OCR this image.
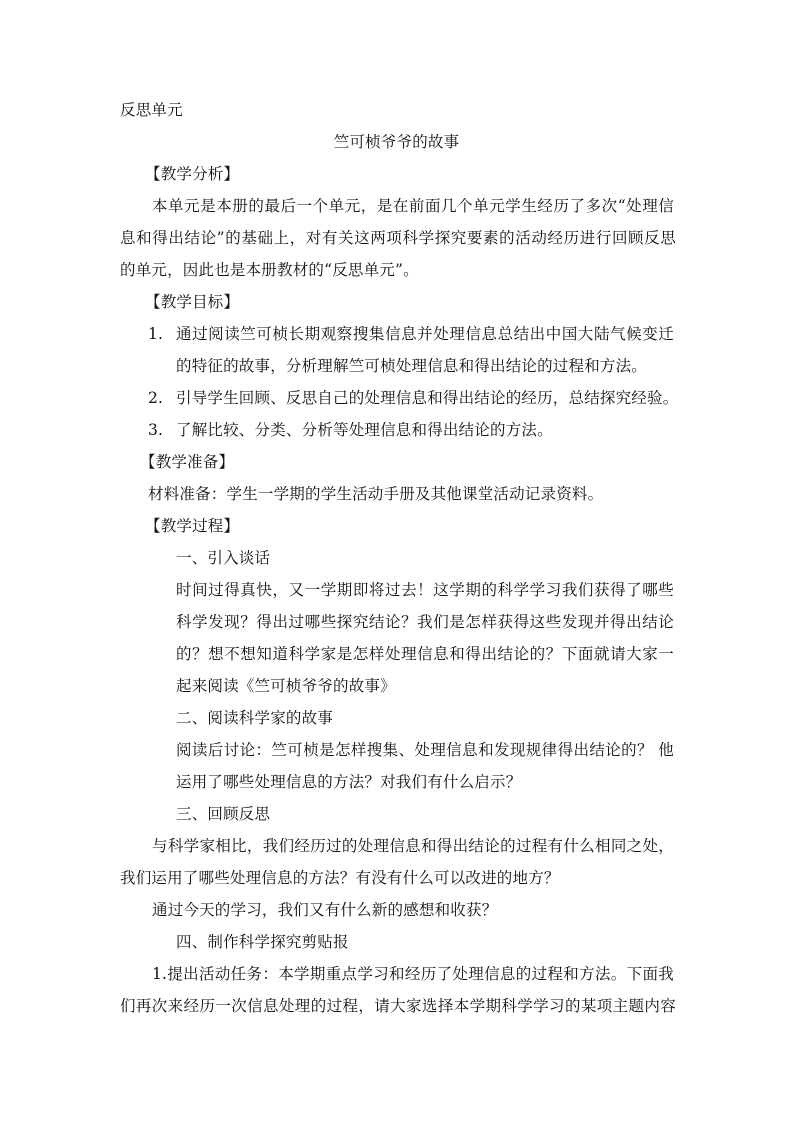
反思单元
竺可桢爷爷的故事
【教学分析】
本单元是本册的最后一个单元，是在前面几个单元学生经历了多次“处理信
息和得出结论”的基础上，对有关这两项科学探究要素的活动经历进行回顾反思
的单元，因此也是本册教材的“反思单元”。
【教学目标】
1. 通过阅读竺可桢长期观察搜集信息并处理信息总结出中国大陆气候变迁
的特征的故事，分析理解竺可桢处理信息和得出结论的过程和方法。
2. 引导学生回顾、反思自己的处理信息和得出结论的经历，总结探究经验。
3. 了解比较、分类、分析等处理信息和得出结论的方法。
【教学准备】
材料准备：学生一学期的学生活动手册及其他课堂活动记录资料。
【教学过程】
一、引入谈话
时间过得真快，又一学期即将过去！这学期的科学学习我们获得了哪些
科学发现？得出过哪些探究结论？我们是怎样获得这些发现并得出结论
的？想不想知道科学家是怎样处理信息和得出结论的？下面就请大家一
起来阅读《竺可桢爷爷的故事》
二、阅读科学家的故事
阅读后讨论：竺可桢是怎样搜集、处理信息和发现规律得出结论的？ 他
运用了哪些处理信息的方法？对我们有什么启示？
三、回顾反思
与科学家相比，我们经历过的处理信息和得出结论的过程有什么相同之处，
我们运用了哪些处理信息的方法？有没有什么可以改进的地方？
通过今天的学习，我们又有什么新的感想和收获？
四、制作科学探究剪贴报
1.提出活动任务：本学期重点学习和经历了处理信息的过程和方法。下面我
们再次来经历一次信息处理的过程，请大家选择本学期科学学习的某项主题内容
